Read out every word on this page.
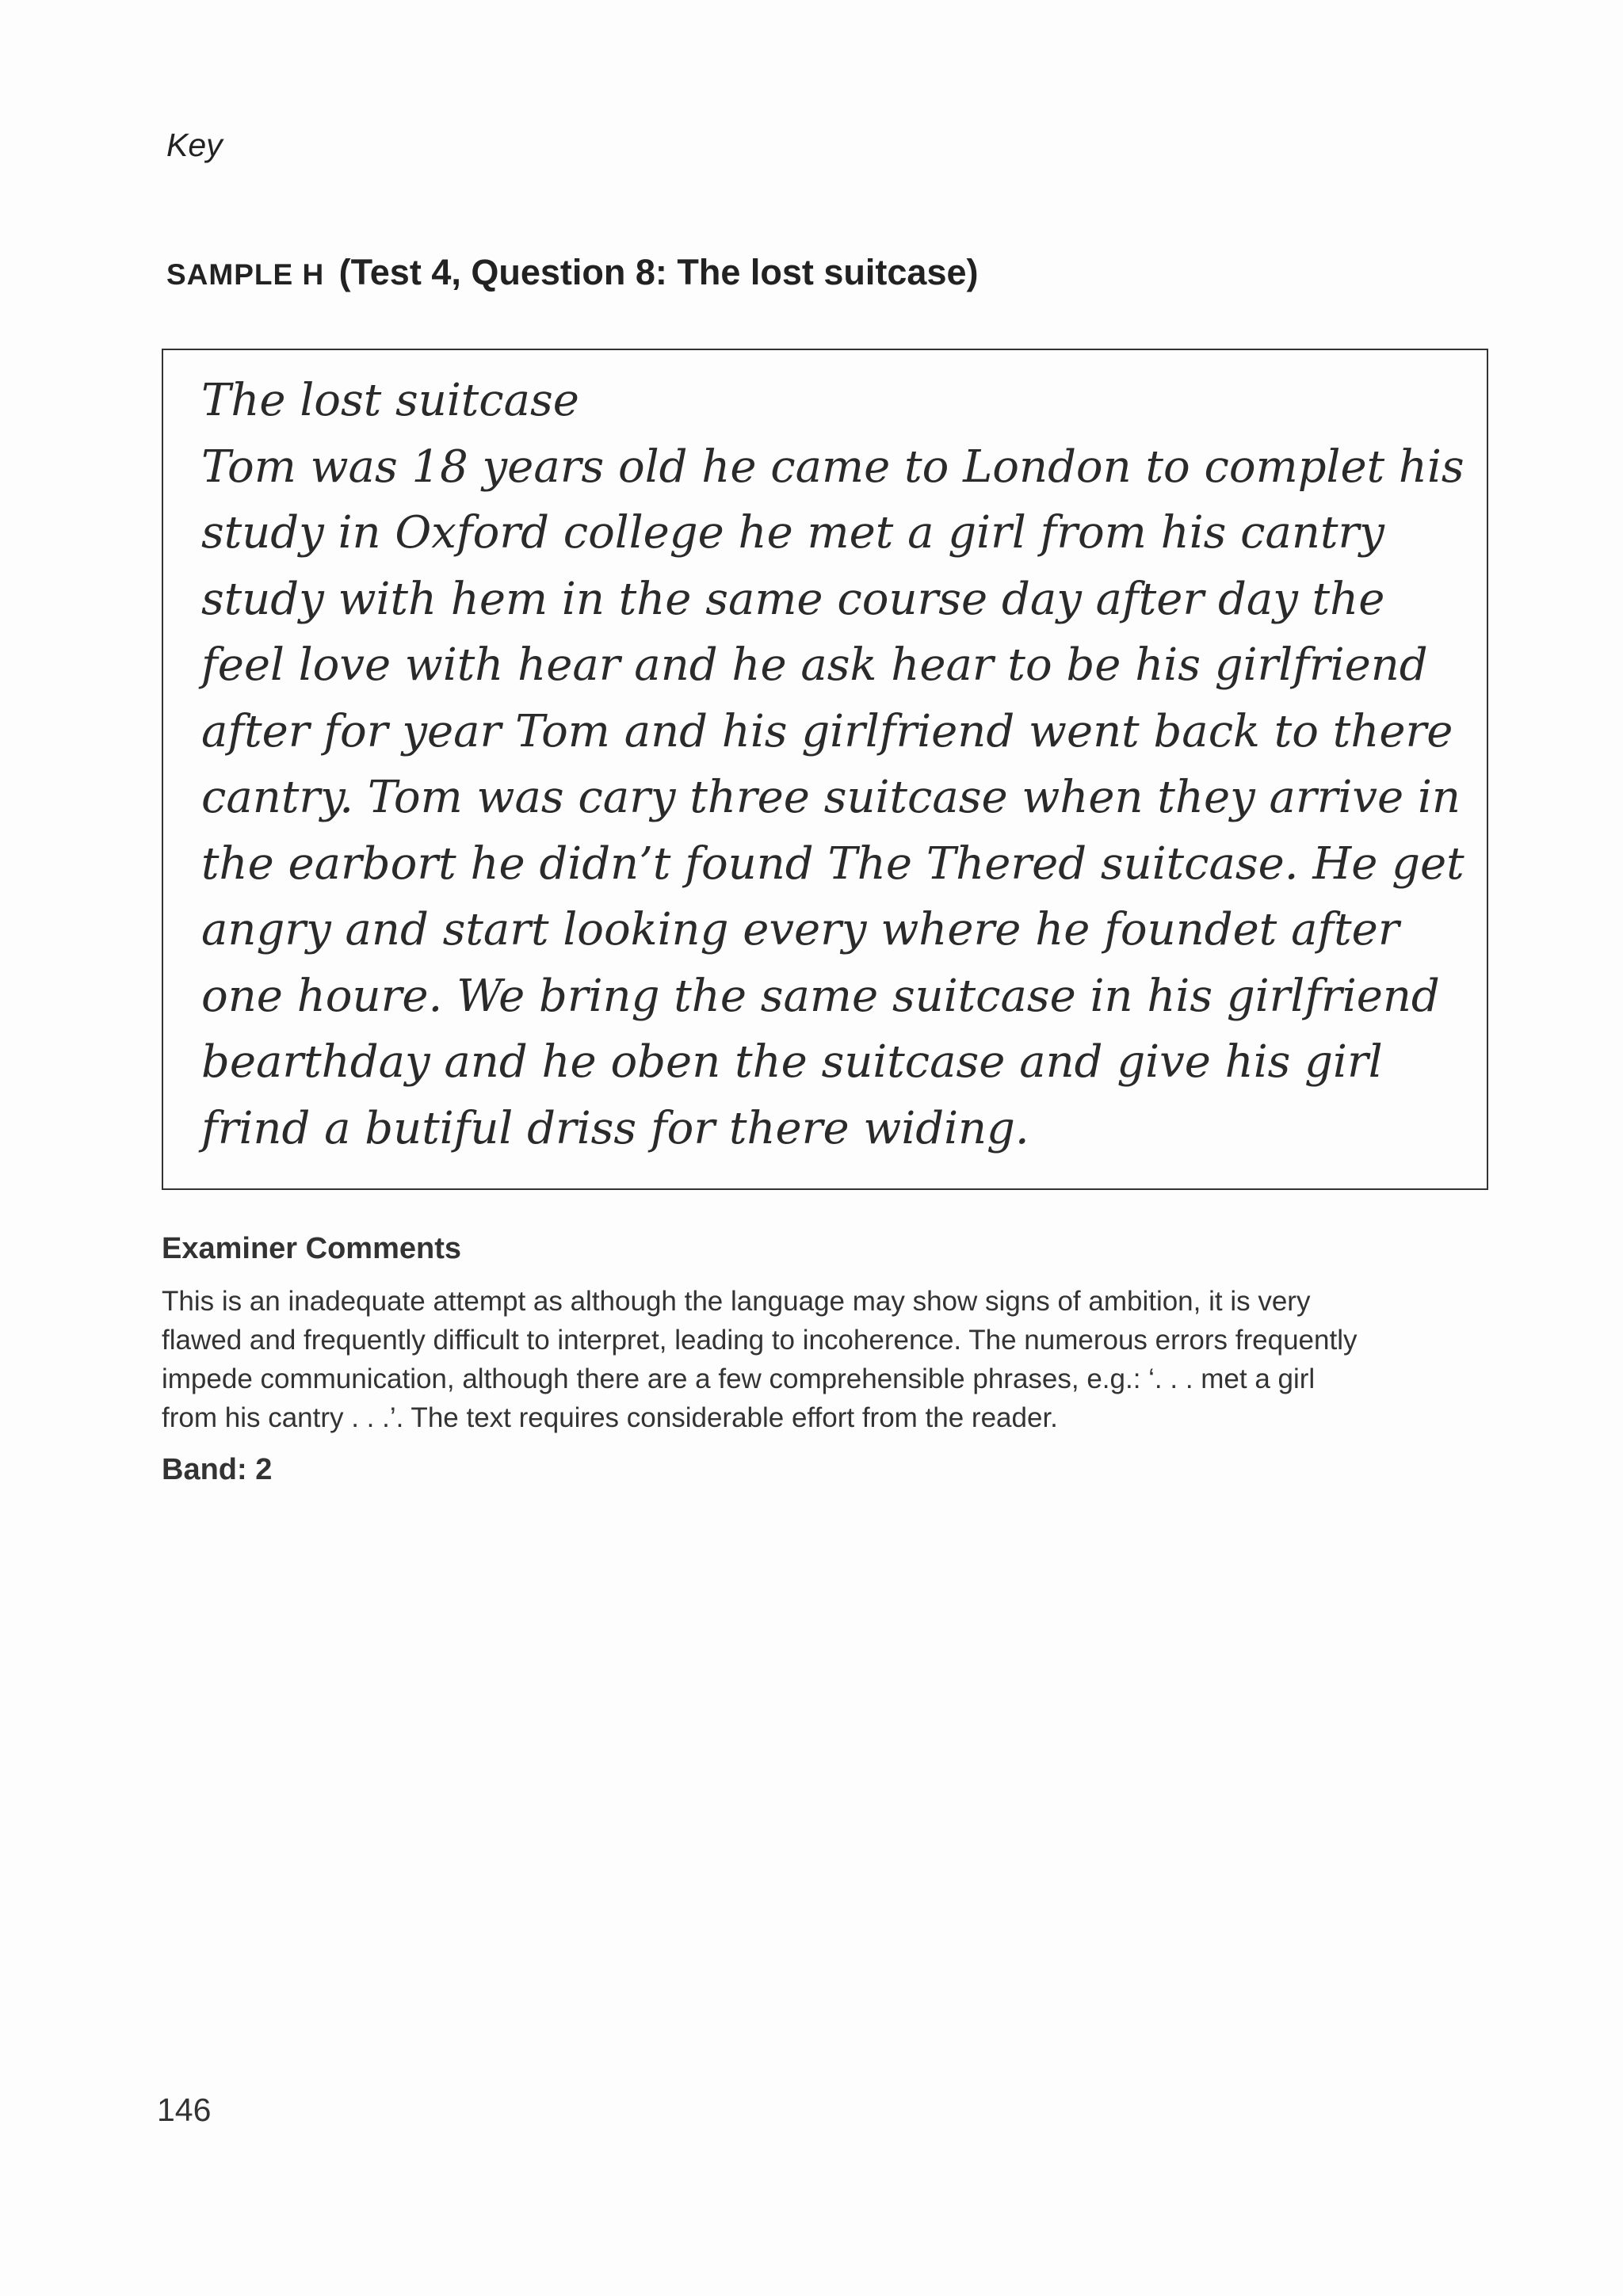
Key
SAMPLE H (Test 4, Question 8: The lost suitcase)
The lost suitcase
Tom was 18 years old he came to London to complet his
study in Oxford college he met a girl from his cantry
study with hem in the same course day after day the
feel love with hear and he ask hear to be his girlfriend
after for year Tom and his girlfriend went back to there
cantry. Tom was cary three suitcase when they arrive in
the earbort he didn’t found The Thered suitcase. He get
angry and start looking every where he foundet after
one houre. We bring the same suitcase in his girlfriend
bearthday and he oben the suitcase and give his girl
frind a butiful driss for there widing.
Examiner Comments
This is an inadequate attempt as although the language may show signs of ambition, it is very
flawed and frequently difficult to interpret, leading to incoherence. The numerous errors frequently
impede communication, although there are a few comprehensible phrases, e.g.: ‘. . . met a girl
from his cantry . . .’. The text requires considerable effort from the reader.
Band: 2
146
